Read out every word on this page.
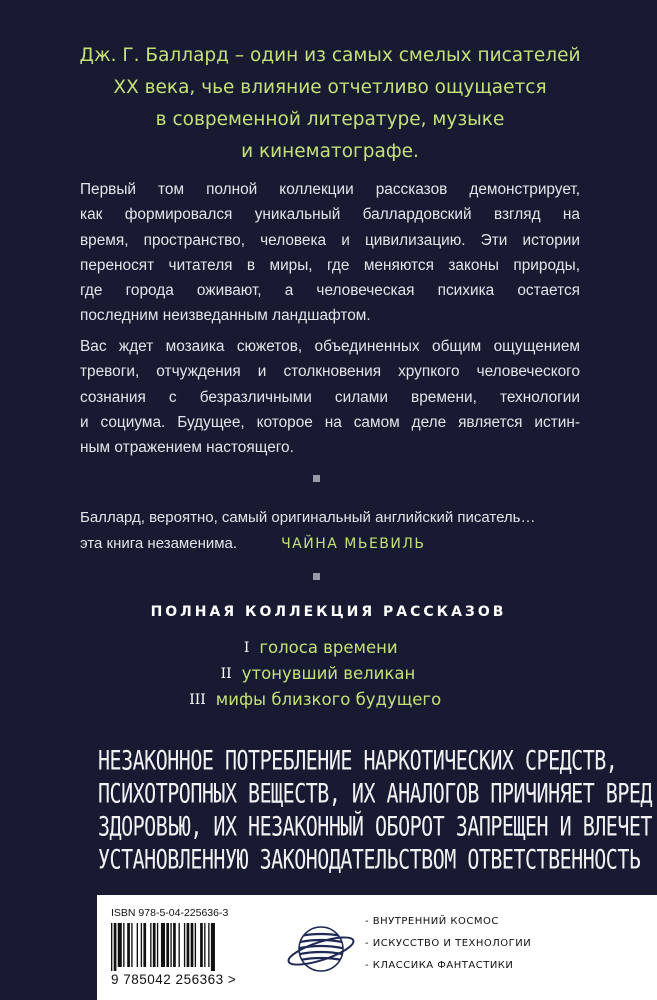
Дж. Г. Баллард – один из самых смелых писателей
XX века, чье влияние отчетливо ощущается
в современной литературе, музыке
и кинематографе.
Первый том полной коллекции рассказов демонстрирует,
как формировался уникальный баллардовский взгляд на
время, пространство, человека и цивилизацию. Эти истории
переносят читателя в миры, где меняются законы природы,
где города оживают, а человеческая психика остается
последним неизведанным ландшафтом.
Вас ждет мозаика сюжетов, объединенных общим ощущением
тревоги, отчуждения и столкновения хрупкого человеческого
сознания с безразличными силами времени, технологии
и социума. Будущее, которое на самом деле является истин-
ным отражением настоящего.
Баллард, вероятно, самый оригинальный английский писатель…
эта книга незаменима.	ЧАЙНА МЬЕВИЛЬ
ПОЛНАЯ КОЛЛЕКЦИЯ РАССКАЗОВ
I голоса времени
II утонувший великан
III мифы близкого будущего
НЕЗАКОННОЕ ПОТРЕБЛЕНИЕ НАРКОТИЧЕСКИХ СРЕДСТВ,
ПСИХОТРОПНЫХ ВЕЩЕСТВ, ИХ АНАЛОГОВ ПРИЧИНЯЕТ ВРЕД
ЗДОРОВЬЮ, ИХ НЕЗАКОННЫЙ ОБОРОТ ЗАПРЕЩЕН И ВЛЕЧЕТ
УСТАНОВЛЕННУЮ ЗАКОНОДАТЕЛЬСТВОМ ОТВЕТСТВЕННОСТЬ
ISBN 978-5-04-225636-3
9 785042 256363 >
- ВНУТРЕННИЙ КОСМОС
- ИСКУССТВО И ТЕХНОЛОГИИ
- КЛАССИКА ФАНТАСТИКИ
